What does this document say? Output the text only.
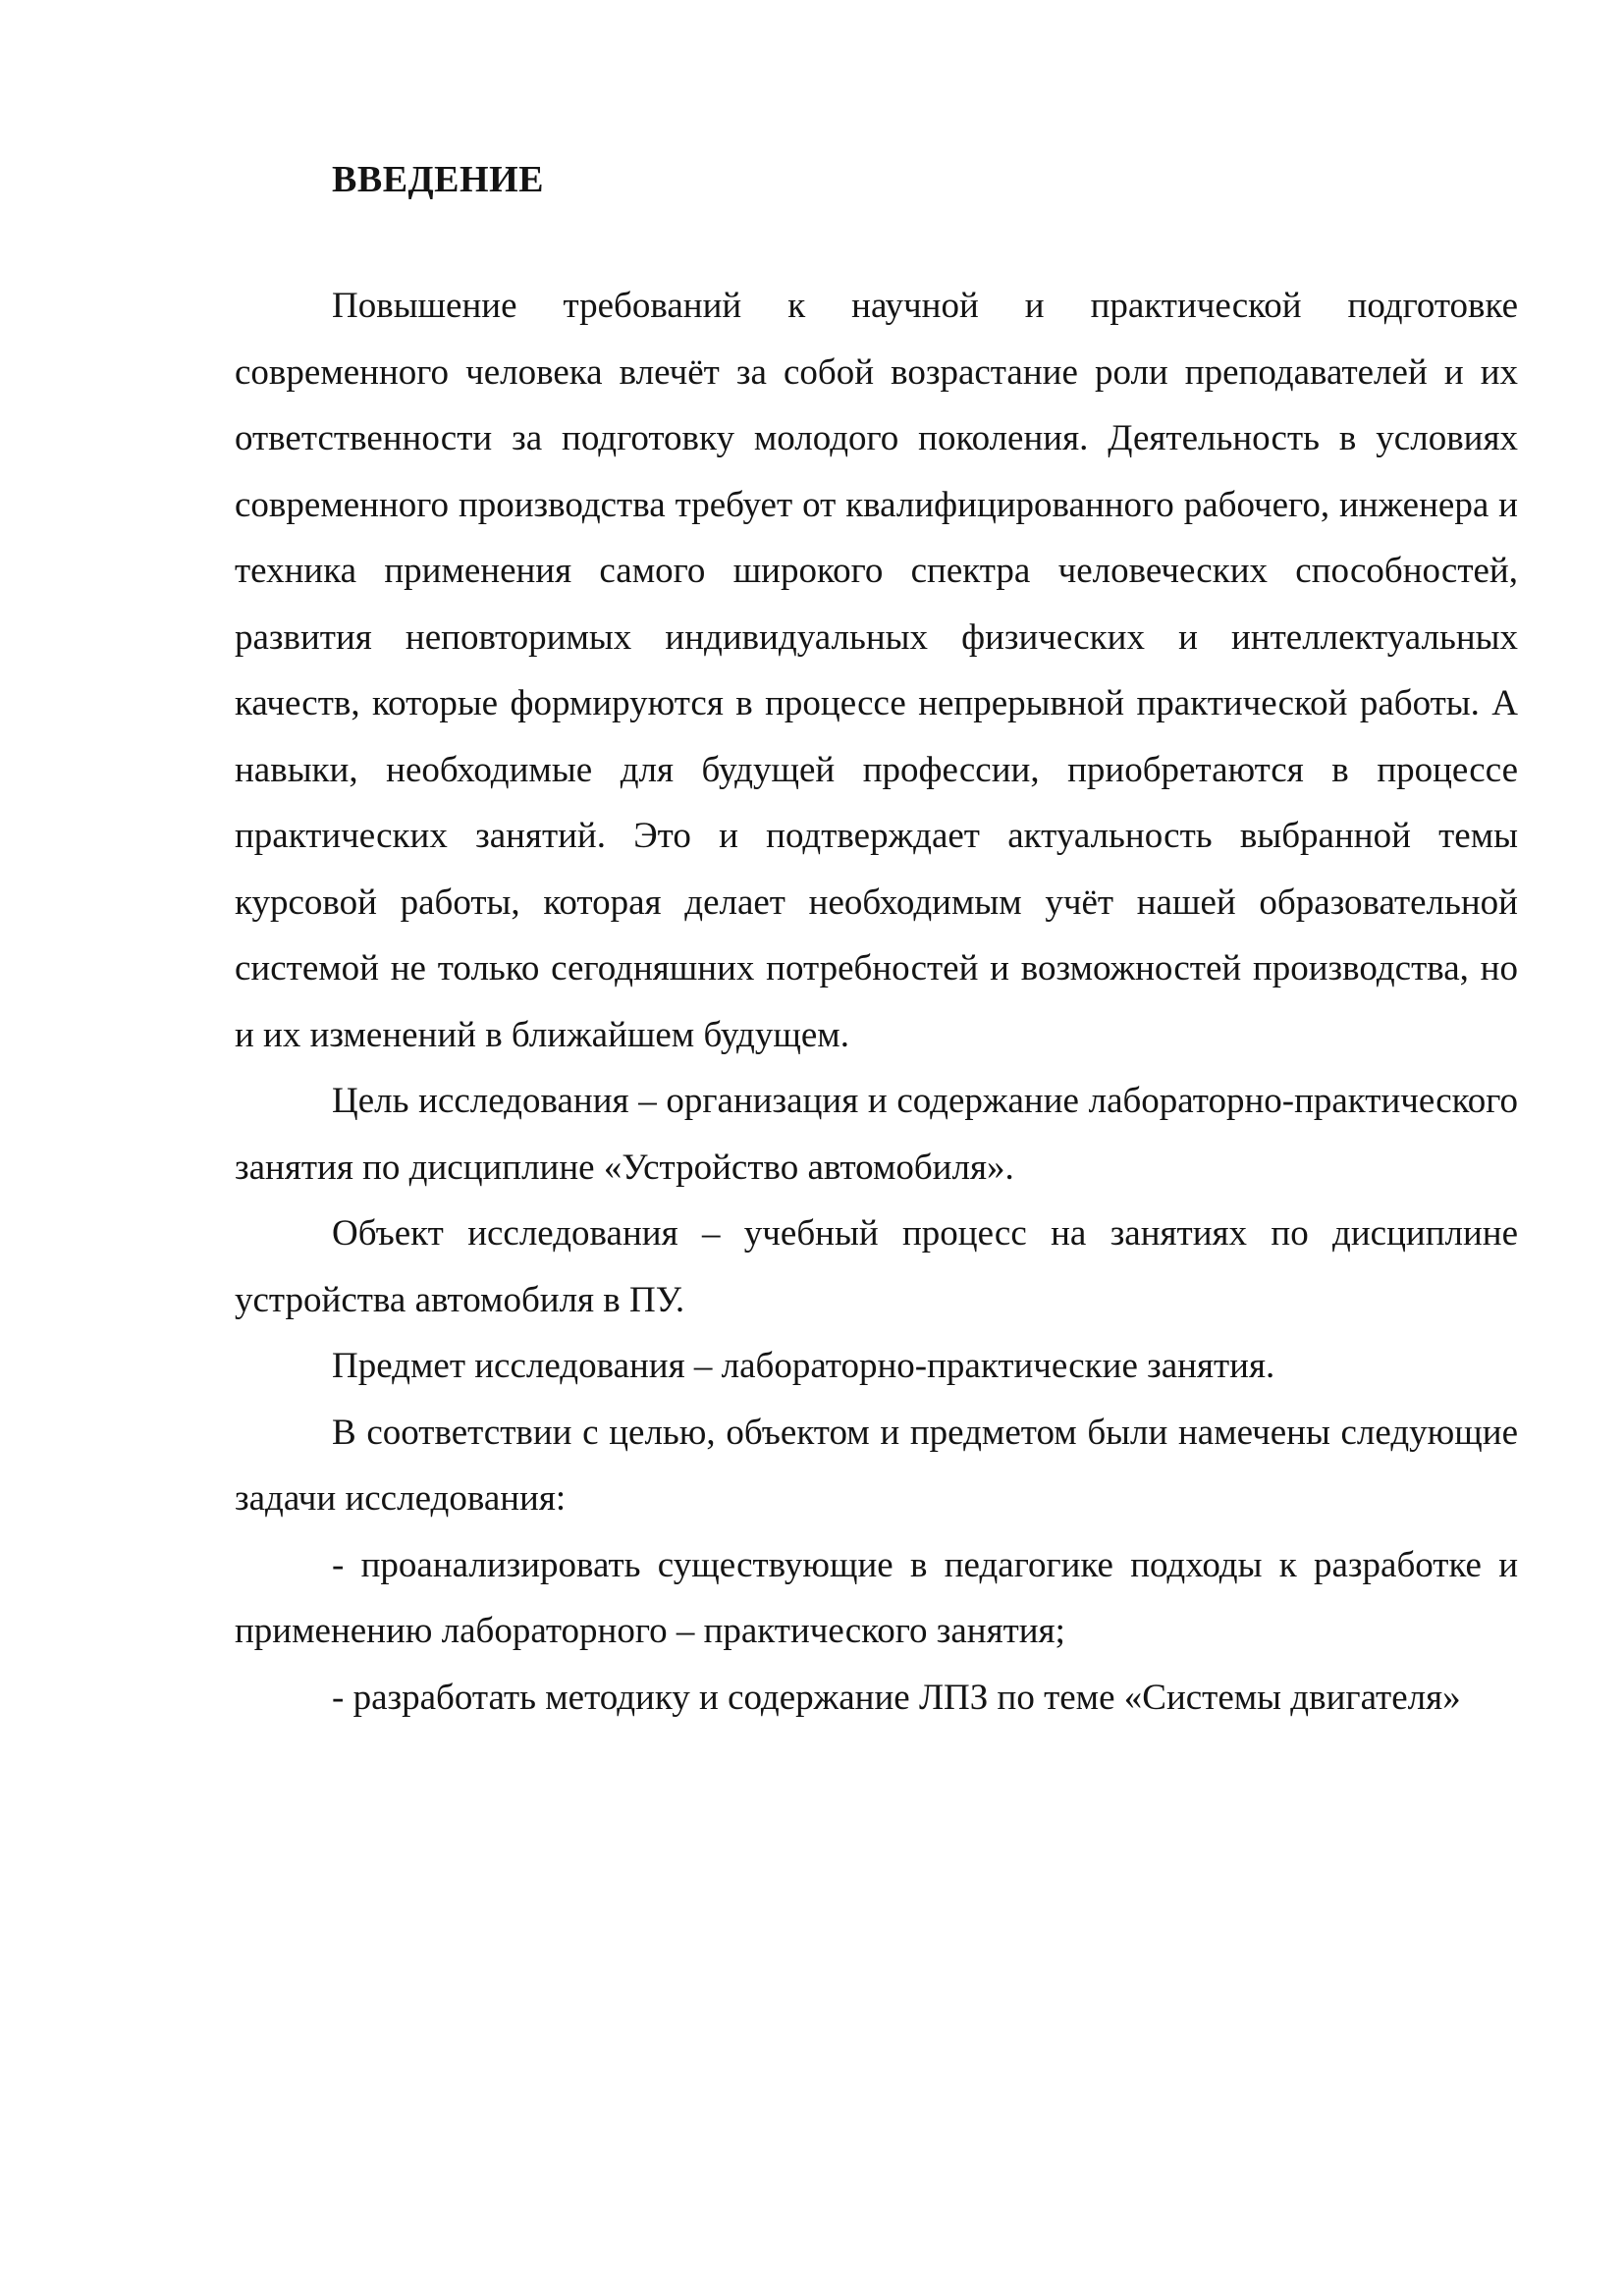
ВВЕДЕНИЕ

Повышение требований к научной и практической подготовке современного человека влечёт за собой возрастание роли преподавателей и их ответственности за подготовку молодого поколения. Деятельность в условиях современного производства требует от квалифицированного рабочего, инженера и техника применения самого широкого спектра человеческих способностей, развития неповторимых индивидуальных физических и интеллектуальных качеств, которые формируются в процессе непрерывной практической работы. А навыки, необходимые для будущей профессии, приобретаются в процессе практических занятий. Это и подтверждает актуальность выбранной темы курсовой работы, которая делает необходимым учёт нашей образовательной системой не только сегодняшних потребностей и возможностей производства, но и их изменений в ближайшем будущем.

Цель исследования – организация и содержание лабораторно-практического занятия по дисциплине «Устройство автомобиля».

Объект исследования – учебный процесс на занятиях по дисциплине устройства автомобиля в ПУ.

Предмет исследования – лабораторно-практические занятия.

В соответствии с целью, объектом и предметом были намечены следующие задачи исследования:

- проанализировать существующие в педагогике подходы к разработке и применению лабораторного – практического занятия;

- разработать методику и содержание ЛПЗ по теме «Системы двигателя»
